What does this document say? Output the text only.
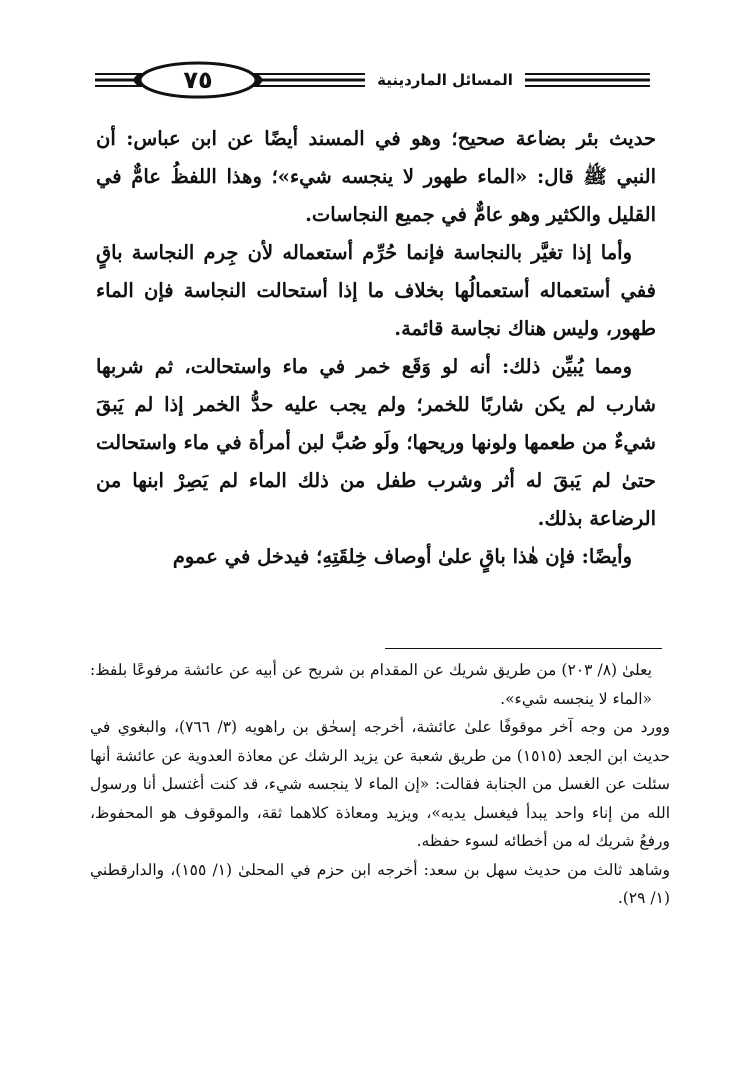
٧٥	المسائل الماردينية

حديث بئر بضاعة صحيح؛ وهو في المسند أيضًا عن ابن عباس: أن النبي ﷺ قال: «الماء طهور لا ينجسه شيء»؛ وهذا اللفظُ عامٌّ في القليل والكثير وهو عامٌّ في جميع النجاسات.

وأما إذا تغيَّر بالنجاسة فإنما حُرِّم أستعماله لأن جِرم النجاسة باقٍ ففي أستعماله أستعمالُها بخلاف ما إذا أستحالت النجاسة فإن الماء طهور، وليس هناك نجاسة قائمة.

ومما يُبيِّن ذلك: أنه لو وَقَع خمر في ماء واستحالت، ثم شربها شارب لم يكن شاربًا للخمر؛ ولم يجب عليه حدُّ الخمر إذا لم يَبقَ شيءٌ من طعمها ولونها وريحها؛ ولَو صُبَّ لبن أمرأة في ماء واستحالت حتىٰ لم يَبقَ له أثر وشرب طفل من ذلك الماء لم يَصِرْ ابنها من الرضاعة بذلك.

وأيضًا: فإن هٰذا باقٍ علىٰ أوصاف خِلقَتِهِ؛ فيدخل في عموم

يعلىٰ (٨/ ٢٠٣) من طريق شريك عن المقدام بن شريح عن أبيه عن عائشة مرفوعًا بلفظ: «الماء لا ينجسه شيء».

وورد من وجه آخر موقوفًا علىٰ عائشة، أخرجه إسحٰق بن راهويه (٣/ ٧٦٦)، والبغوي في حديث ابن الجعد (١٥١٥) من طريق شعبة عن يزيد الرشك عن معاذة العدوية عن عائشة أنها سئلت عن الغسل من الجنابة فقالت: «إن الماء لا ينجسه شيء، قد كنت أغتسل أنا ورسول الله من إناء واحد يبدأ فيغسل يديه»، ويزيد ومعاذة كلاهما ثقة، والموقوف هو المحفوظ، ورفعُ شريك له من أخطائه لسوء حفظه.

وشاهد ثالث من حديث سهل بن سعد: أخرجه ابن حزم في المحلىٰ (١/ ١٥٥)، والدارقطني (١/ ٢٩).
